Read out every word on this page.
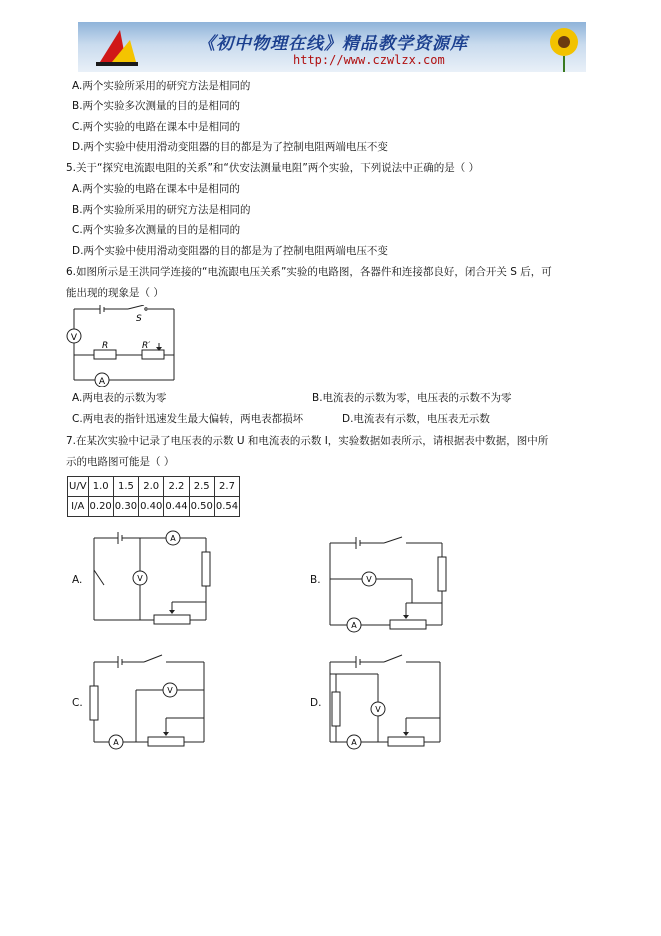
《初中物理在线》精品教学资源库
http://www.czwlzx.com
A.两个实验所采用的研究方法是相同的
B.两个实验多次测量的目的是相同的
C.两个实验的电路在课本中是相同的
D.两个实验中使用滑动变阻器的目的都是为了控制电阻两端电压不变
5.关于“探究电流跟电阻的关系”和“伏安法测量电阻”两个实验，下列说法中正确的是（ ）
A.两个实验的电路在课本中是相同的
B.两个实验所采用的研究方法是相同的
C.两个实验多次测量的目的是相同的
D.两个实验中使用滑动变阻器的目的都是为了控制电阻两端电压不变
6.如图所示是王洪同学连接的“电流跟电压关系”实验的电路图，各器件和连接都良好，闭合开关 S 后，可
能出现的现象是（ ）
V
S
R	R′
A
A.两电表的示数为零	B.电流表的示数为零，电压表的示数不为零
C.两电表的指针迅速发生最大偏转，两电表都损坏	D.电流表有示数，电压表无示数
7.在某次实验中记录了电压表的示数 U 和电流表的示数 I，实验数据如表所示，请根据表中数据，图中所
示的电路图可能是（ ）
U/V	1.0	1.5	2.0	2.2	2.5	2.7
I/A	0.20	0.30	0.40	0.44	0.50	0.54
A.
A
V	B.	V
A
C.
V
A
D.
V
A
